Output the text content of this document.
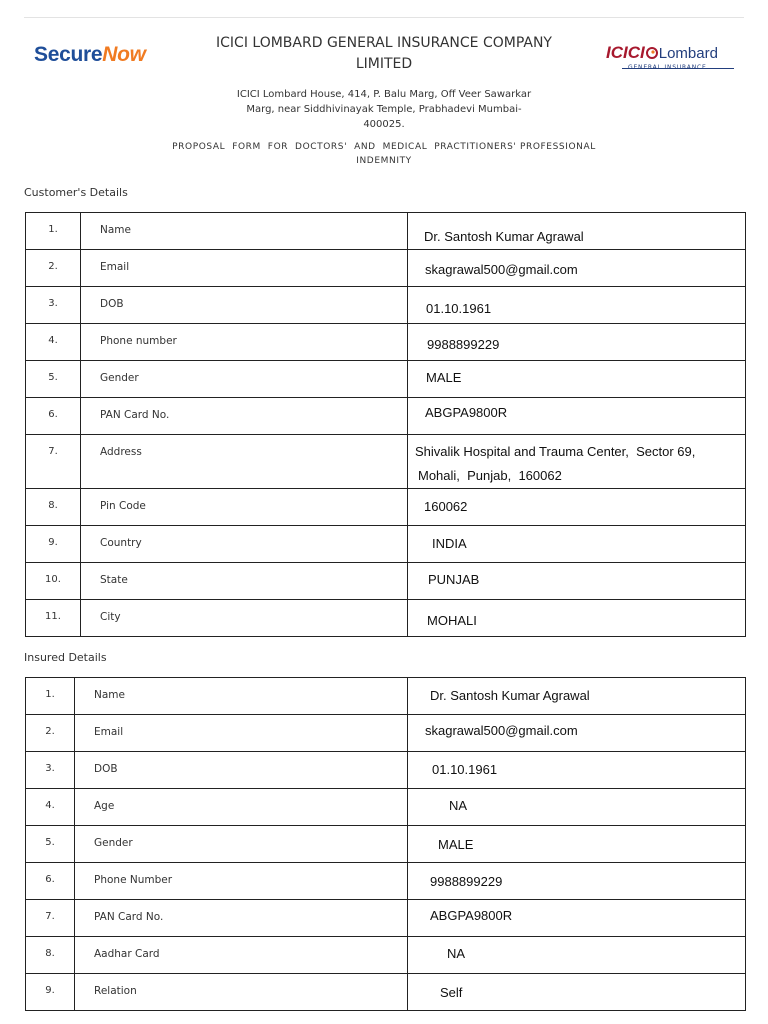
SecureNow	ICICI Lombard
GENERAL INSURANCE
ICICI LOMBARD GENERAL INSURANCE COMPANY
LIMITED
ICICI Lombard House, 414, P. Balu Marg, Off Veer Sawarkar
Marg, near Siddhivinayak Temple, Prabhadevi Mumbai-
400025.
PROPOSAL  FORM  FOR  DOCTORS'  AND  MEDICAL  PRACTITIONERS' PROFESSIONAL
INDEMNITY
Customer's Details
1.	Name	Dr. Santosh Kumar Agrawal
2.	Email	skagrawal500@gmail.com
3.	DOB	01.10.1961
4.	Phone number	9988899229
5.	Gender	MALE
6.	PAN Card No.	ABGPA9800R
7.	Address	Shivalik Hospital and Trauma Center,  Sector 69,
Mohali,  Punjab,  160062

8.	Pin Code	160062
9.	Country	INDIA
10.	State	PUNJAB
11.	City	MOHALI
Insured Details
1.	Name	Dr. Santosh Kumar Agrawal
2.	Email	skagrawal500@gmail.com
3.	DOB	01.10.1961
4.	Age	NA
5.	Gender	MALE
6.	Phone Number	9988899229
7.	PAN Card No.	ABGPA9800R
8.	Aadhar Card	NA
9.	Relation	Self
